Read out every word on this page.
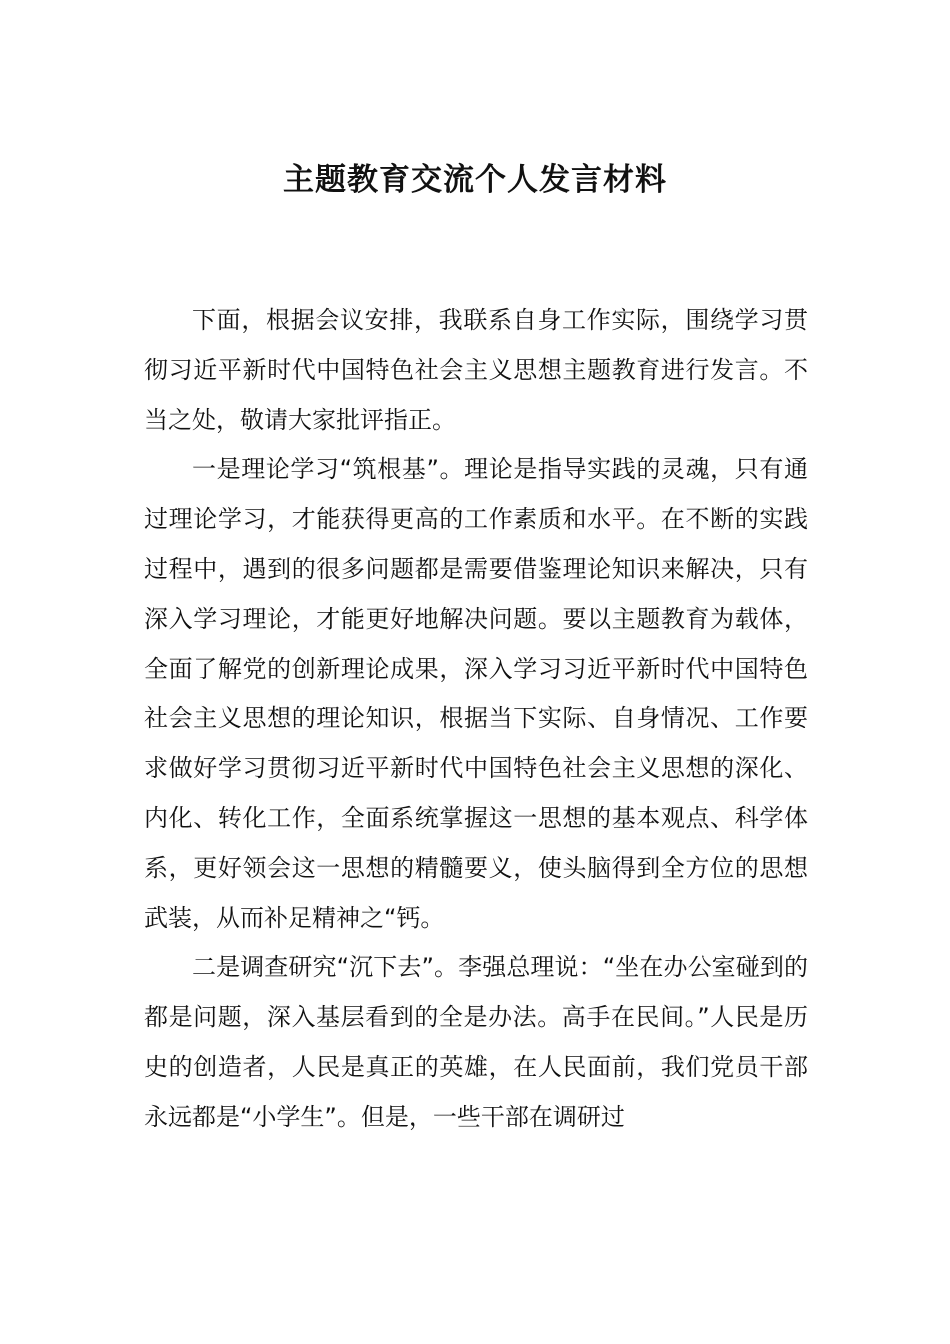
主题教育交流个人发言材料

下面，根据会议安排，我联系自身工作实际，围绕学习贯彻习近平新时代中国特色社会主义思想主题教育进行发言。不当之处，敬请大家批评指正。

一是理论学习“筑根基”。理论是指导实践的灵魂，只有通过理论学习，才能获得更高的工作素质和水平。在不断的实践过程中，遇到的很多问题都是需要借鉴理论知识来解决，只有深入学习理论，才能更好地解决问题。要以主题教育为载体，全面了解党的创新理论成果，深入学习习近平新时代中国特色社会主义思想的理论知识，根据当下实际、自身情况、工作要求做好学习贯彻习近平新时代中国特色社会主义思想的深化、内化、转化工作，全面系统掌握这一思想的基本观点、科学体系，更好领会这一思想的精髓要义，使头脑得到全方位的思想武装，从而补足精神之“钙。

二是调查研究“沉下去”。李强总理说：“坐在办公室碰到的都是问题，深入基层看到的全是办法。高手在民间。”人民是历史的创造者，人民是真正的英雄，在人民面前，我们党员干部永远都是“小学生”。但是，一些干部在调研过
